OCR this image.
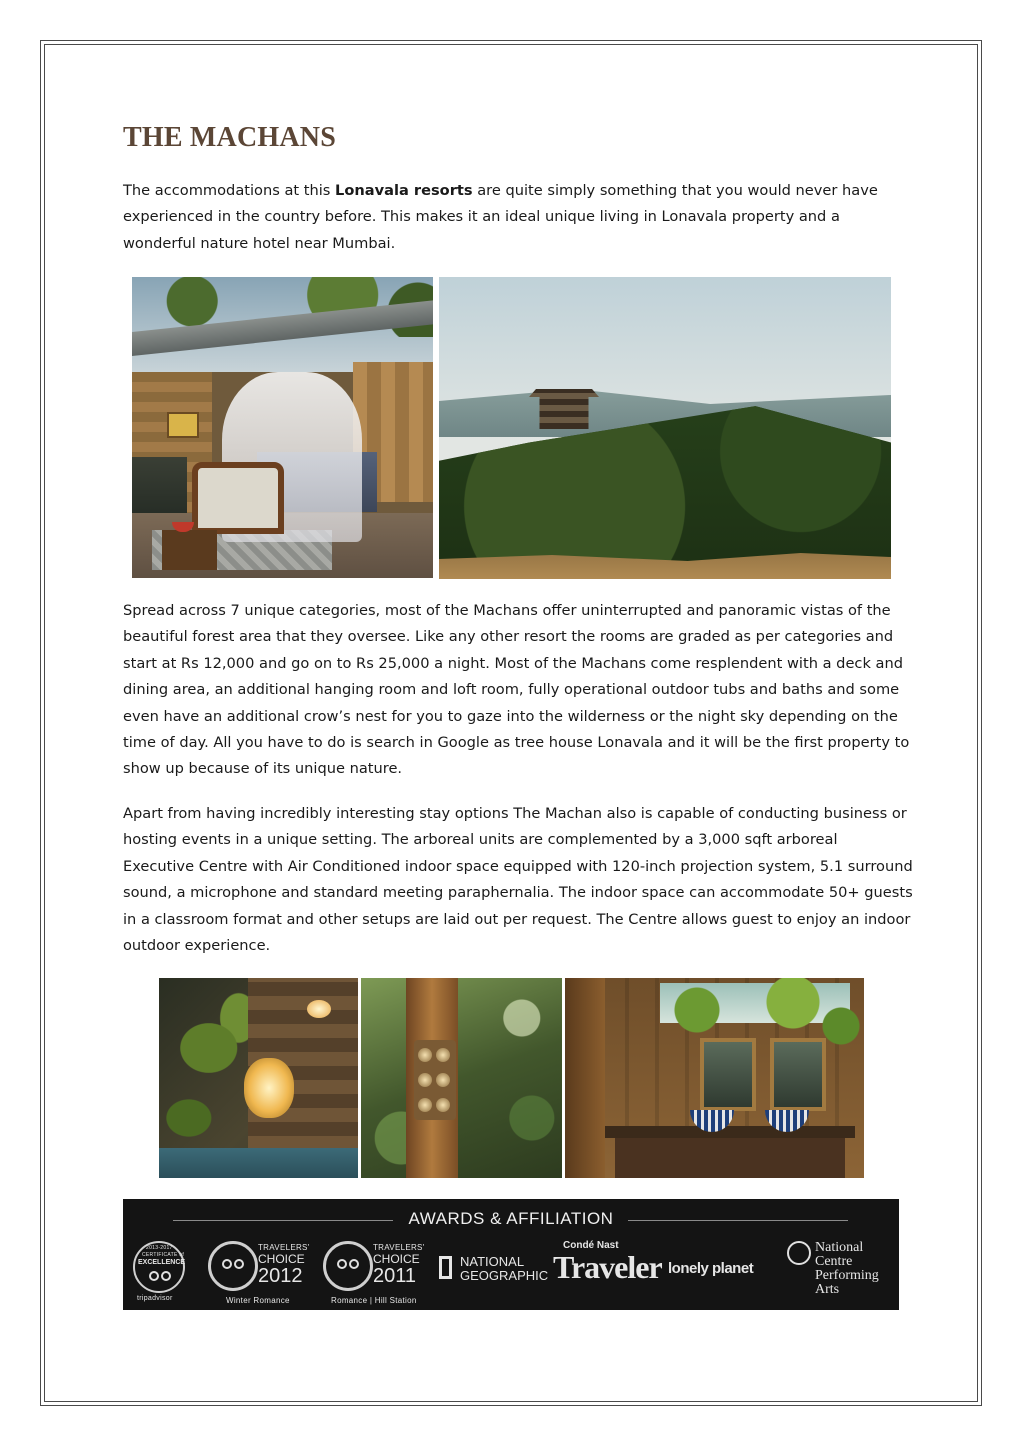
THE MACHANS

The accommodations at this Lonavala resorts are quite simply something that you would never have experienced in the country before. This makes it an ideal unique living in Lonavala property and a wonderful nature hotel near Mumbai.

Spread across 7 unique categories, most of the Machans offer uninterrupted and panoramic vistas of the beautiful forest area that they oversee. Like any other resort the rooms are graded as per categories and start at Rs 12,000 and go on to Rs 25,000 a night. Most of the Machans come resplendent with a deck and dining area, an additional hanging room and loft room, fully operational outdoor tubs and baths and some even have an additional crow’s nest for you to gaze into the wilderness or the night sky depending on the time of day. All you have to do is search in Google as tree house Lonavala and it will be the first property to show up because of its unique nature.

Apart from having incredibly interesting stay options The Machan also is capable of conducting business or hosting events in a unique setting. The arboreal units are complemented by a 3,000 sqft arboreal Executive Centre with Air Conditioned indoor space equipped with 120-inch projection system, 5.1 surround sound, a microphone and standard meeting paraphernalia. The indoor space can accommodate 50+ guests in a classroom format and other setups are laid out per request. The Centre allows guest to enjoy an indoor outdoor experience.

AWARDS & AFFILIATION
2013-2017
CERTIFICATE of
EXCELLENCE
tripadvisor
TRAVELERS'
CHOICE
2012
Winter Romance
TRAVELERS'
CHOICE
2011
Romance | Hill Station
NATIONAL
GEOGRAPHIC
Condé Nast
Traveler lonely planet
National
Centre
Performing
Arts
